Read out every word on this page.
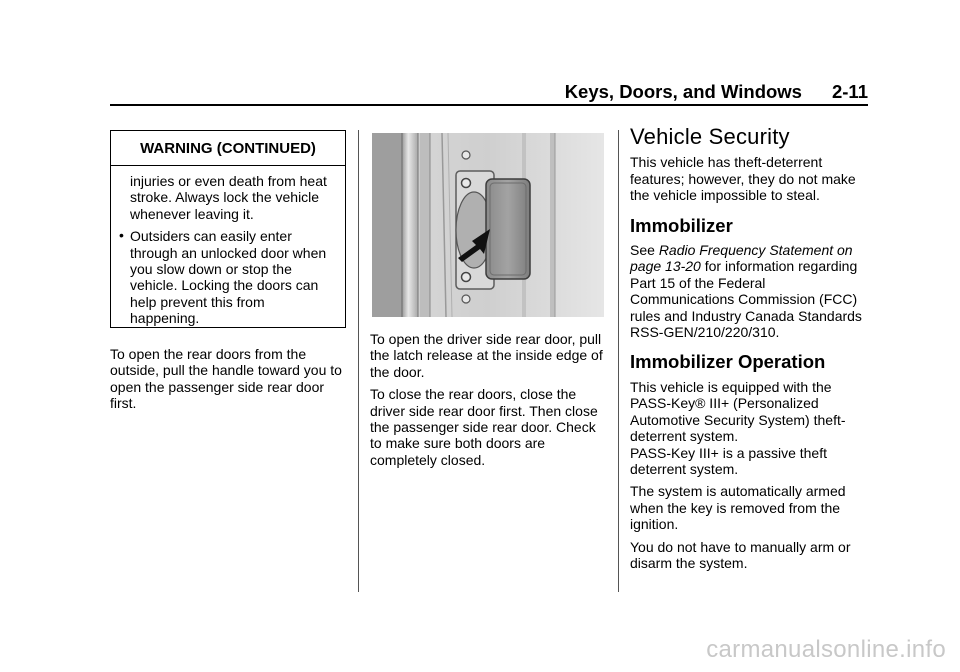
Keys, Doors, and Windows 2-11
WARNING (CONTINUED)

injuries or even death from heat stroke. Always lock the vehicle whenever leaving it.

• Outsiders can easily enter through an unlocked door when you slow down or stop the vehicle. Locking the doors can help prevent this from happening.

To open the rear doors from the outside, pull the handle toward you to open the passenger side rear door first.

To open the driver side rear door, pull the latch release at the inside edge of the door.

To close the rear doors, close the driver side rear door first. Then close the passenger side rear door. Check to make sure both doors are completely closed.

Vehicle Security

This vehicle has theft-deterrent features; however, they do not make the vehicle impossible to steal.

Immobilizer

See Radio Frequency Statement on page 13-20 for information regarding Part 15 of the Federal Communications Commission (FCC) rules and Industry Canada Standards RSS-GEN/210/220/310.

Immobilizer Operation

This vehicle is equipped with the PASS-Key® III+ (Personalized Automotive Security System) theft-deterrent system.
PASS-Key III+ is a passive theft deterrent system.

The system is automatically armed when the key is removed from the ignition.

You do not have to manually arm or disarm the system.

carmanualsonline.info
